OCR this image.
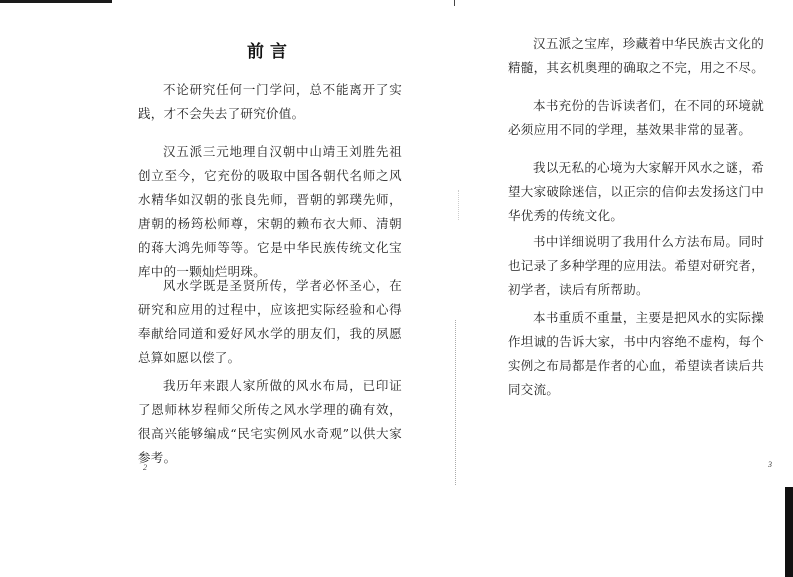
前言

不论研究任何一门学问，总不能离开了实践，才不会失去了研究价值。

汉五派三元地理自汉朝中山靖王刘胜先祖创立至今，它充份的吸取中国各朝代名师之风水精华如汉朝的张良先师，晋朝的郭璞先师，唐朝的杨筠松师尊，宋朝的赖布衣大师、清朝的蒋大鸿先师等等。它是中华民族传统文化宝库中的一颗灿烂明珠。

风水学既是圣贤所传，学者必怀圣心，在研究和应用的过程中，应该把实际经验和心得奉献给同道和爱好风水学的朋友们，我的夙愿总算如愿以偿了。

我历年来跟人家所做的风水布局，已印证了恩师林岁程师父所传之风水学理的确有效，很高兴能够编成“民宅实例风水奇观”以供大家参考。

汉五派之宝库，珍藏着中华民族古文化的精髓，其玄机奥理的确取之不完，用之不尽。

本书充份的告诉读者们，在不同的环境就必须应用不同的学理，基效果非常的显著。

我以无私的心境为大家解开风水之谜，希望大家破除迷信，以正宗的信仰去发扬这门中华优秀的传统文化。

书中详细说明了我用什么方法布局。同时也记录了多种学理的应用法。希望对研究者，初学者，读后有所帮助。

本书重质不重量，主要是把风水的实际操作坦诚的告诉大家，书中内容绝不虚构，每个实例之布局都是作者的心血，希望读者读后共同交流。

2	3
